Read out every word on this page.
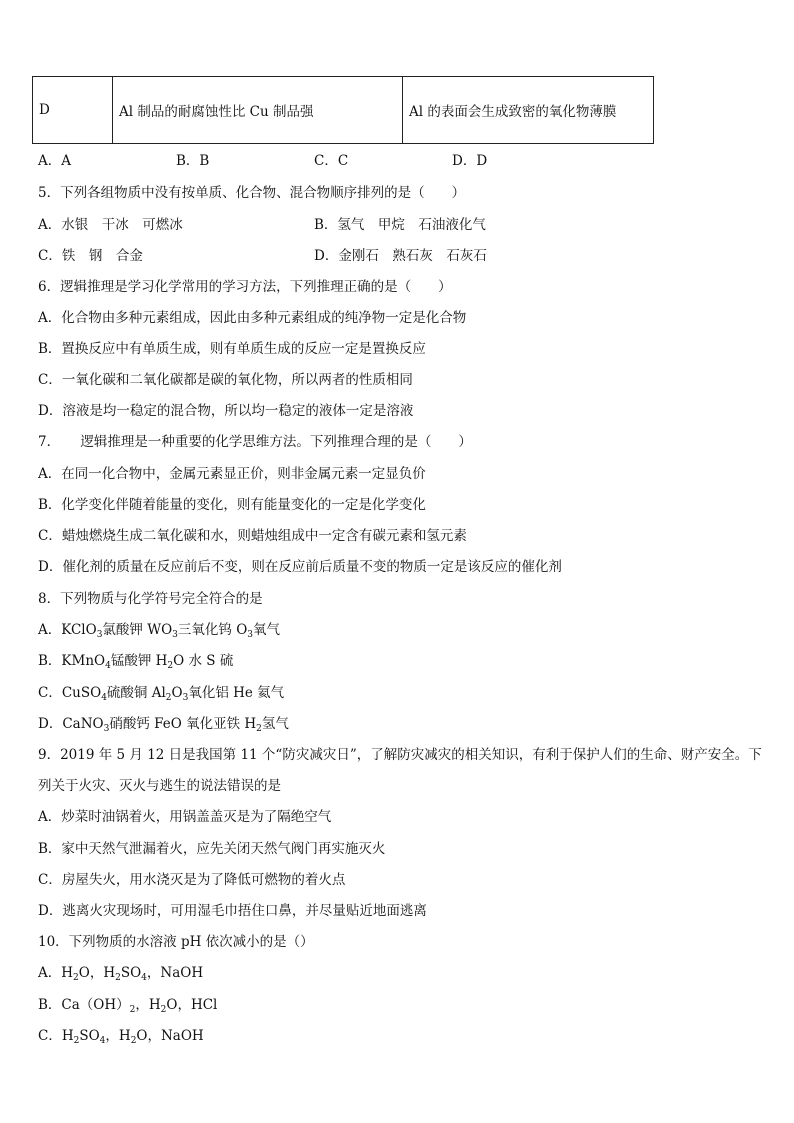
D	Al 制品的耐腐蚀性比 Cu 制品强	Al 的表面会生成致密的氧化物薄膜
A．A	B．B	C．C	D．D
5．下列各组物质中没有按单质、化合物、混合物顺序排列的是（　　）
A．水银　干冰　可燃冰	B．氢气　甲烷　石油液化气
C．铁　钢　合金	D．金刚石　熟石灰　石灰石
6．逻辑推理是学习化学常用的学习方法，下列推理正确的是（　　）
A．化合物由多种元素组成，因此由多种元素组成的纯净物一定是化合物
B．置换反应中有单质生成，则有单质生成的反应一定是置换反应
C．一氧化碳和二氧化碳都是碳的氧化物，所以两者的性质相同
D．溶液是均一稳定的混合物，所以均一稳定的液体一定是溶液
7．　　逻辑推理是一种重要的化学思维方法。下列推理合理的是（　　）
A．在同一化合物中，金属元素显正价，则非金属元素一定显负价
B．化学变化伴随着能量的变化，则有能量变化的一定是化学变化
C．蜡烛燃烧生成二氧化碳和水，则蜡烛组成中一定含有碳元素和氢元素
D．催化剂的质量在反应前后不变，则在反应前后质量不变的物质一定是该反应的催化剂
8．下列物质与化学符号完全符合的是
A．KClO$_3$氯酸钾 $WO_3$三氧化钨 $O_3$氧气
B．KMnO$_4$锰酸钾 $H_2O$ 水 S 硫
C．CuSO$_4$硫酸铜 $Al_2O_3$氧化铝 He 氦气
D．CaNO$_3$硝酸钙 FeO 氧化亚铁 $H_2$氢气
9．2019 年 5 月 12 日是我国第 11 个“防灾减灾日”，了解防灾减灾的相关知识，有利于保护人们的生命、财产安全。下
列关于火灾、灭火与逃生的说法错误的是
A．炒菜时油锅着火，用锅盖盖灭是为了隔绝空气
B．家中天然气泄漏着火，应先关闭天然气阀门再实施灭火
C．房屋失火，用水浇灭是为了降低可燃物的着火点
D．逃离火灾现场时，可用湿毛巾捂住口鼻，并尽量贴近地面逃离
10．下列物质的水溶液 pH 依次减小的是（）
A．$H_2O$，$H_2SO_4$，NaOH
B．$Ca(OH)_2$，$H_2O$，HCl
C．$H_2SO_4$，$H_2O$，NaOH
